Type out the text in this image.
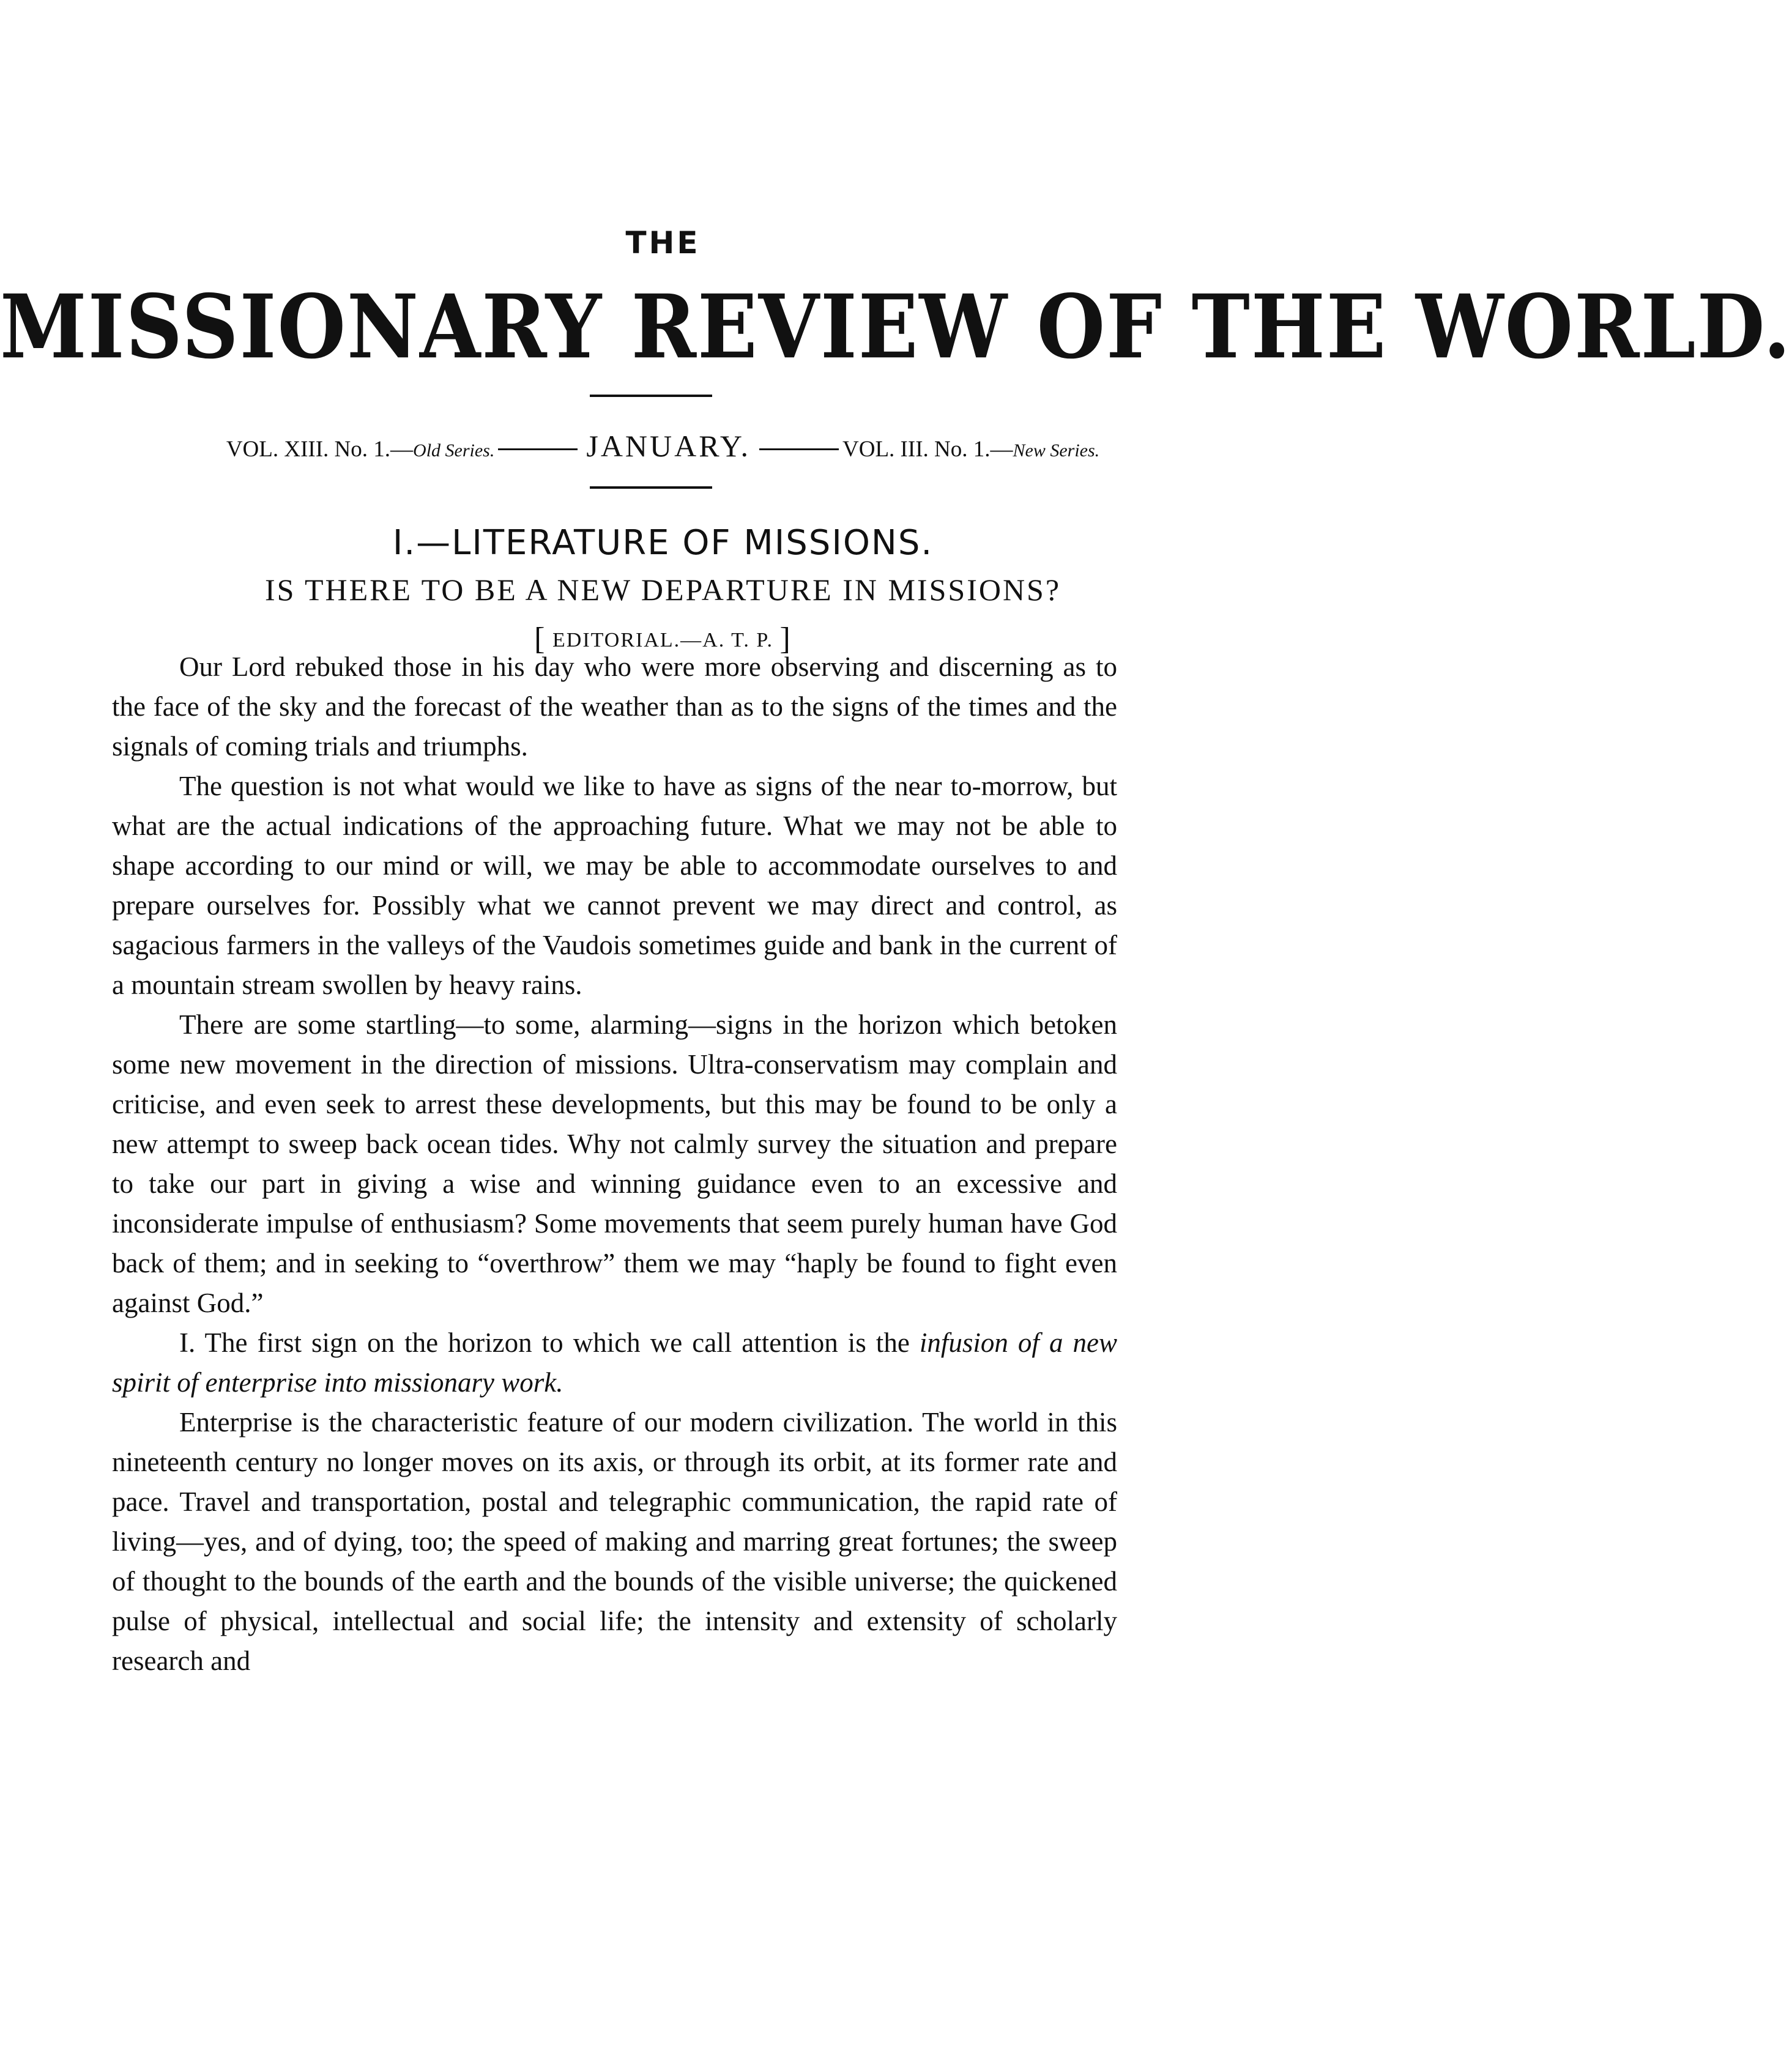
THE
MISSIONARY REVIEW OF THE WORLD.
VOL. XIII. No. 1.— Old Series.	JANUARY.	VOL. III. No. 1.— New Series.
I.—LITERATURE OF MISSIONS.
IS THERE TO BE A NEW DEPARTURE IN MISSIONS?
[ EDITORIAL.—A. T. P. ]

Our Lord rebuked those in his day who were more observing and discerning as to the face of the sky and the forecast of the weather than as to the signs of the times and the signals of coming trials and triumphs.

The question is not what would we like to have as signs of the near to-morrow, but what are the actual indications of the approaching future. What we may not be able to shape according to our mind or will, we may be able to accommodate ourselves to and prepare ourselves for. Possibly what we cannot prevent we may direct and control, as sagacious farmers in the valleys of the Vaudois sometimes guide and bank in the current of a mountain stream swollen by heavy rains.

There are some startling—to some, alarming—signs in the horizon which betoken some new movement in the direction of missions. Ultra-conservatism may complain and criticise, and even seek to arrest these developments, but this may be found to be only a new attempt to sweep back ocean tides. Why not calmly survey the situation and prepare to take our part in giving a wise and winning guidance even to an excessive and inconsiderate impulse of enthusiasm? Some movements that seem purely human have God back of them; and in seeking to “overthrow” them we may “haply be found to fight even against God.”

I. The first sign on the horizon to which we call attention is the infusion of a new spirit of enterprise into missionary work.

Enterprise is the characteristic feature of our modern civilization. The world in this nineteenth century no longer moves on its axis, or through its orbit, at its former rate and pace. Travel and transportation, postal and telegraphic communication, the rapid rate of living—yes, and of dying, too; the speed of making and marring great fortunes; the sweep of thought to the bounds of the earth and the bounds of the visible universe; the quickened pulse of physical, intellectual and social life; the intensity and extensity of scholarly research and
